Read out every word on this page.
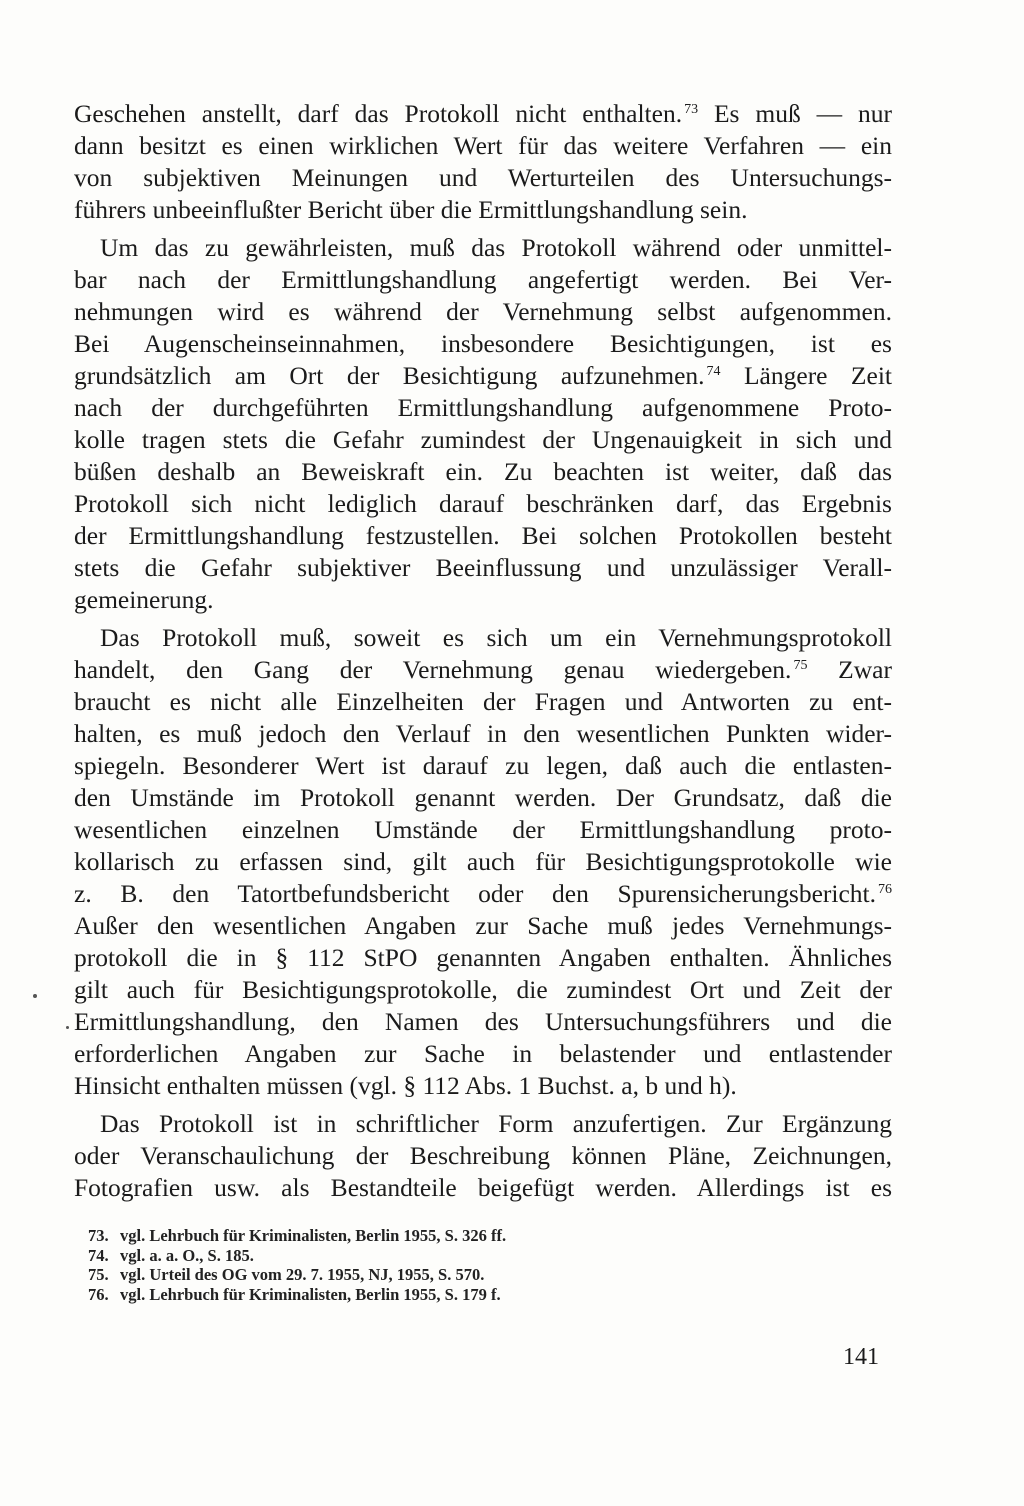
Geschehen anstellt, darf das Protokoll nicht enthalten. $^{73}$ Es muß — nur
dann besitzt es einen wirklichen Wert für das weitere Verfahren — ein
von subjektiven Meinungen und Werturteilen des Untersuchungs-
führers unbeeinflußter Bericht über die Ermittlungshandlung sein.
Um das zu gewährleisten, muß das Protokoll während oder unmittel-
bar nach der Ermittlungshandlung angefertigt werden. Bei Ver-
nehmungen wird es während der Vernehmung selbst aufgenommen.
Bei Augenscheinseinnahmen, insbesondere Besichtigungen, ist es
grundsätzlich am Ort der Besichtigung aufzunehmen. $^{74}$ Längere Zeit
nach der durchgeführten Ermittlungshandlung aufgenommene Proto-
kolle tragen stets die Gefahr zumindest der Ungenauigkeit in sich und
büßen deshalb an Beweiskraft ein. Zu beachten ist weiter, daß das
Protokoll sich nicht lediglich darauf beschränken darf, das Ergebnis
der Ermittlungshandlung festzustellen. Bei solchen Protokollen besteht
stets die Gefahr subjektiver Beeinflussung und unzulässiger Verall-
gemeinerung.
Das Protokoll muß, soweit es sich um ein Vernehmungsprotokoll
handelt, den Gang der Vernehmung genau wiedergeben. $^{75}$ Zwar
braucht es nicht alle Einzelheiten der Fragen und Antworten zu ent-
halten, es muß jedoch den Verlauf in den wesentlichen Punkten wider-
spiegeln. Besonderer Wert ist darauf zu legen, daß auch die entlasten-
den Umstände im Protokoll genannt werden. Der Grundsatz, daß die
wesentlichen einzelnen Umstände der Ermittlungshandlung proto-
kollarisch zu erfassen sind, gilt auch für Besichtigungsprotokolle wie
z. B. den Tatortbefundsbericht oder den Spurensicherungsbericht. $^{76}$
Außer den wesentlichen Angaben zur Sache muß jedes Vernehmungs-
protokoll die in § 112 StPO genannten Angaben enthalten. Ähnliches
gilt auch für Besichtigungsprotokolle, die zumindest Ort und Zeit der
Ermittlungshandlung, den Namen des Untersuchungsführers und die
erforderlichen Angaben zur Sache in belastender und entlastender
Hinsicht enthalten müssen (vgl. § 112 Abs. 1 Buchst. a, b und h).
Das Protokoll ist in schriftlicher Form anzufertigen. Zur Ergänzung
oder Veranschaulichung der Beschreibung können Pläne, Zeichnungen,
Fotografien usw. als Bestandteile beigefügt werden. Allerdings ist es
73. vgl. Lehrbuch für Kriminalisten, Berlin 1955, S. 326 ff.
74. vgl. a. a. O., S. 185.
75. vgl. Urteil des OG vom 29. 7. 1955, NJ, 1955, S. 570.
76. vgl. Lehrbuch für Kriminalisten, Berlin 1955, S. 179 f.
141
